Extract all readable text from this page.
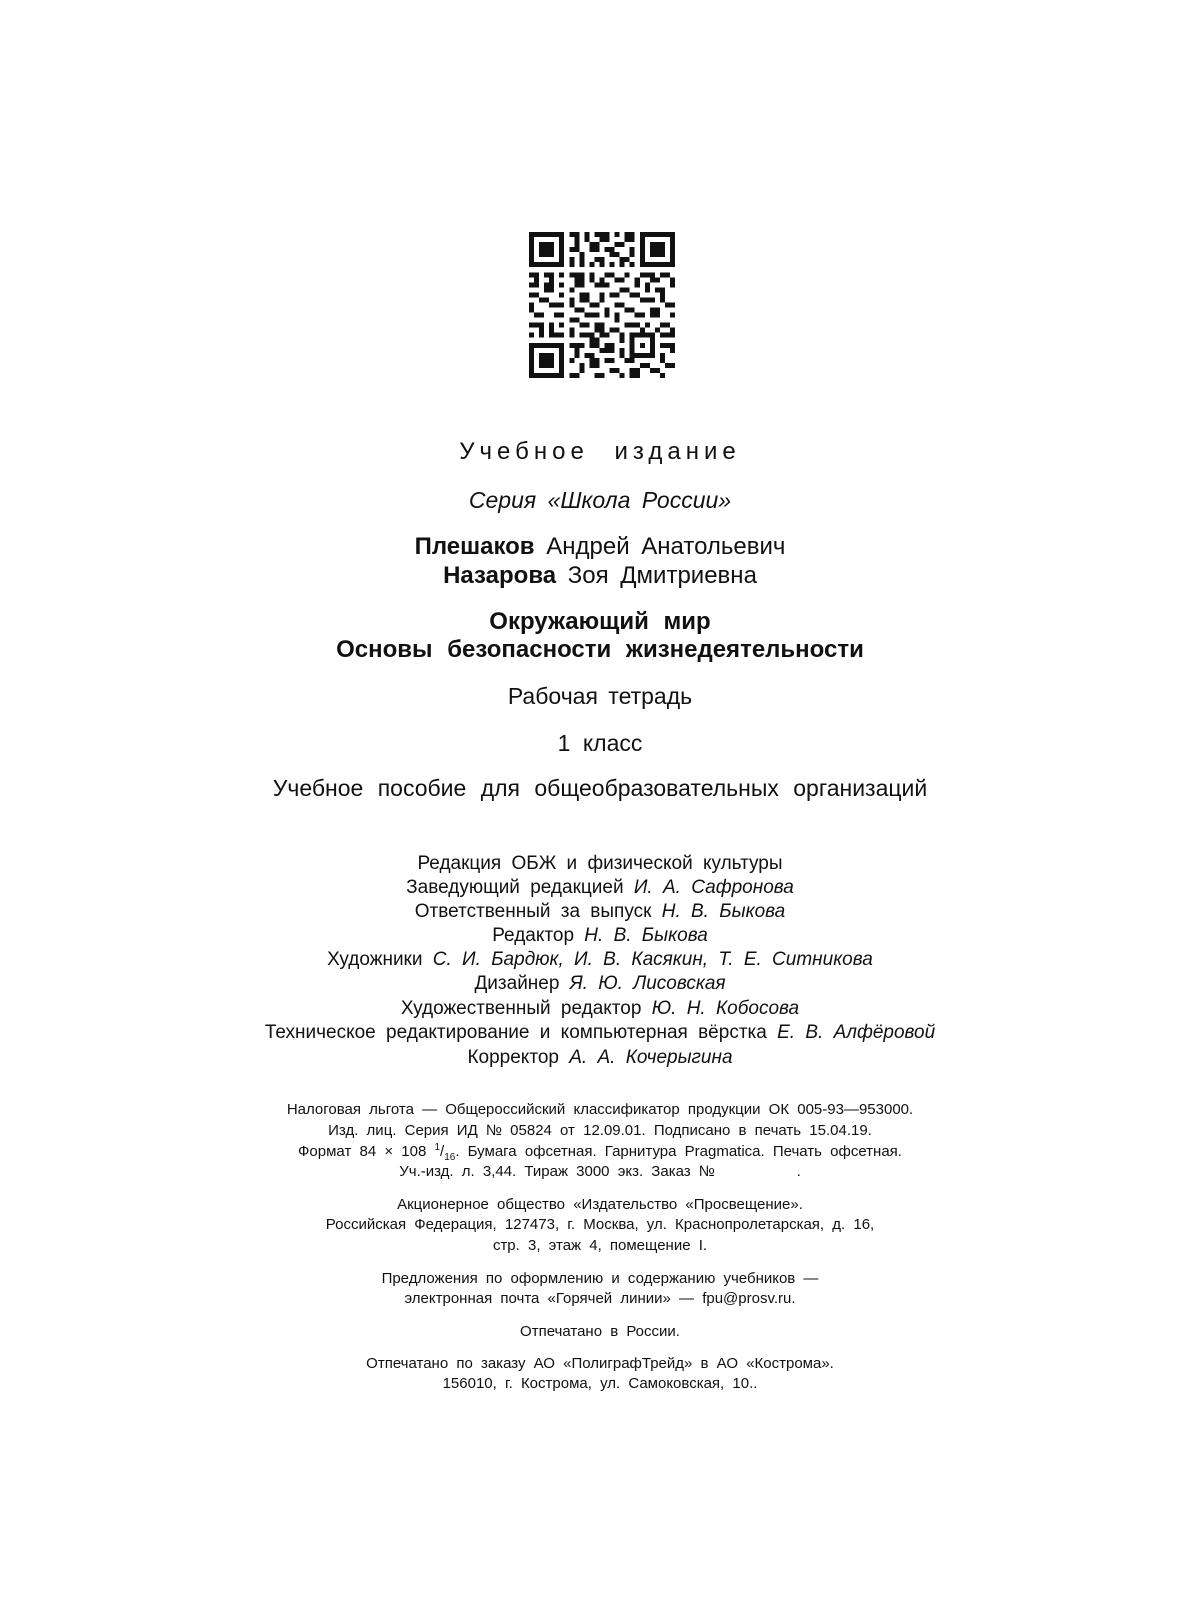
Учебное издание
Серия «Школа России»
Плешаков Андрей Анатольевич
Назарова Зоя Дмитриевна
Окружающий мир
Основы безопасности жизнедеятельности
Рабочая тетрадь
1 класс
Учебное пособие для общеобразовательных организаций
Редакция ОБЖ и физической культуры
Заведующий редакцией И. А. Сафронова
Ответственный за выпуск Н. В. Быкова
Редактор Н. В. Быкова
Художники С. И. Бардюк, И. В. Касякин, Т. Е. Ситникова
Дизайнер Я. Ю. Лисовская
Художественный редактор Ю. Н. Кобосова
Техническое редактирование и компьютерная вёрстка Е. В. Алфёровой
Корректор А. А. Кочерыгина
Налоговая льгота — Общероссийский классификатор продукции ОК 005-93—953000.
Изд. лиц. Серия ИД № 05824 от 12.09.01. Подписано в печать 15.04.19.
Формат 84 × 108 $^1/_{16}$. Бумага офсетная. Гарнитура Pragmatica. Печать офсетная.
Уч.-изд. л. 3,44. Тираж 3000 экз. Заказ №          .
Акционерное общество «Издательство «Просвещение».
Российская Федерация, 127473, г. Москва, ул. Краснопролетарская, д. 16,
стр. 3, этаж 4, помещение I.
Предложения по оформлению и содержанию учебников —
электронная почта «Горячей линии» — fpu@prosv.ru.
Отпечатано в России.
Отпечатано по заказу АО «ПолиграфТрейд» в АО «Кострома».
156010, г. Кострома, ул. Самоковская, 10..
